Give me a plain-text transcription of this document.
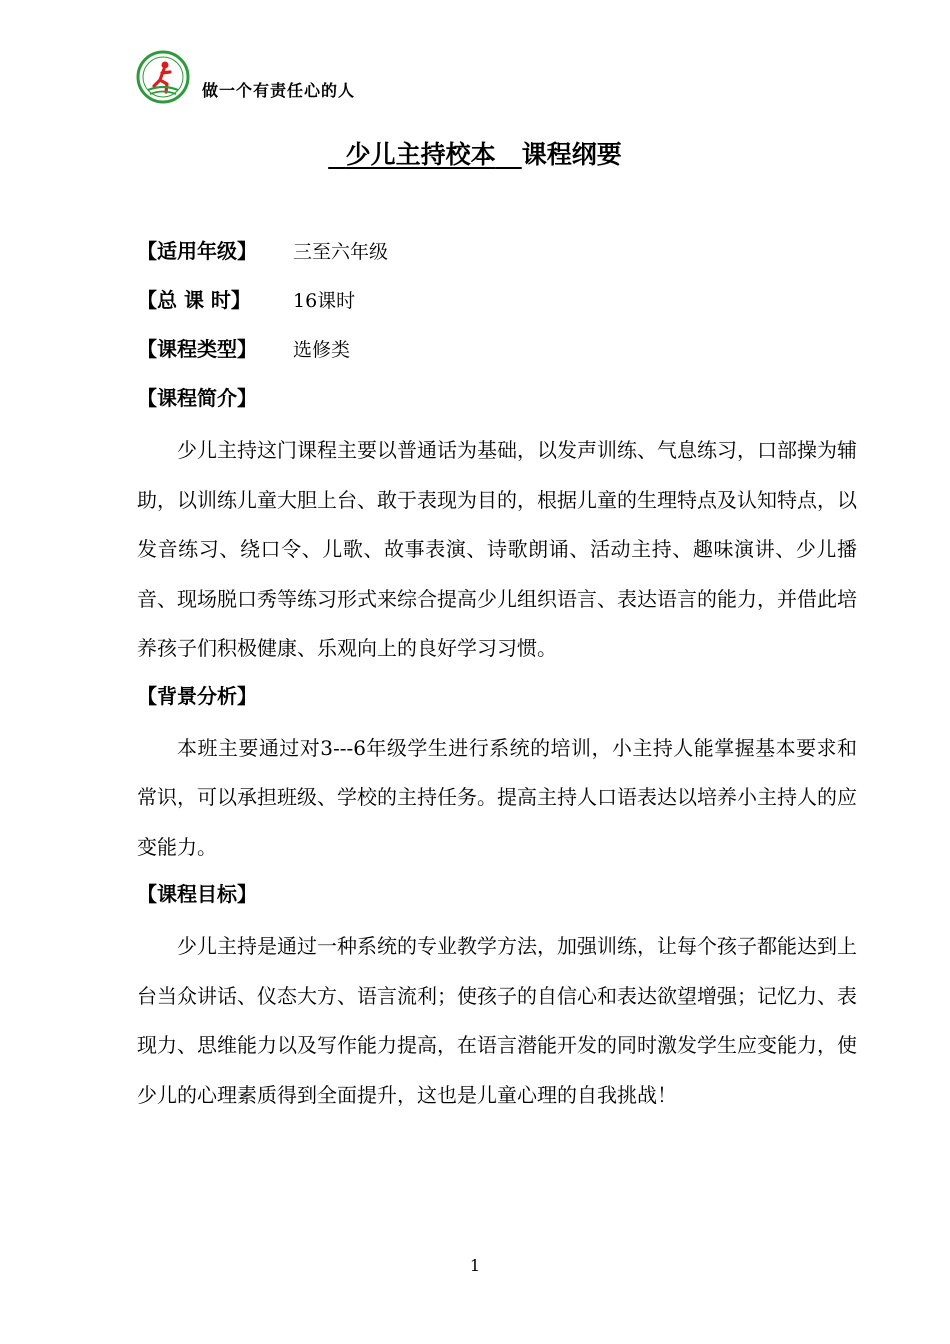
做一个有责任心的人
少儿主持校本 课程纲要
【适用年级】 三至六年级
【总 课 时】 16课时
【课程类型】 选修类
【课程简介】

少儿主持这门课程主要以普通话为基础，以发声训练、气息练习，口部操为辅助，以训练儿童大胆上台、敢于表现为目的，根据儿童的生理特点及认知特点，以发音练习、绕口令、儿歌、故事表演、诗歌朗诵、活动主持、趣味演讲、少儿播音、现场脱口秀等练习形式来综合提高少儿组织语言、表达语言的能力，并借此培养孩子们积极健康、乐观向上的良好学习习惯。

【背景分析】

本班主要通过对3---6年级学生进行系统的培训，小主持人能掌握基本要求和常识，可以承担班级、学校的主持任务。提高主持人口语表达以培养小主持人的应变能力。

【课程目标】

少儿主持是通过一种系统的专业教学方法，加强训练，让每个孩子都能达到上台当众讲话、仪态大方、语言流利；使孩子的自信心和表达欲望增强；记忆力、表现力、思维能力以及写作能力提高，在语言潜能开发的同时激发学生应变能力，使少儿的心理素质得到全面提升，这也是儿童心理的自我挑战！

1
